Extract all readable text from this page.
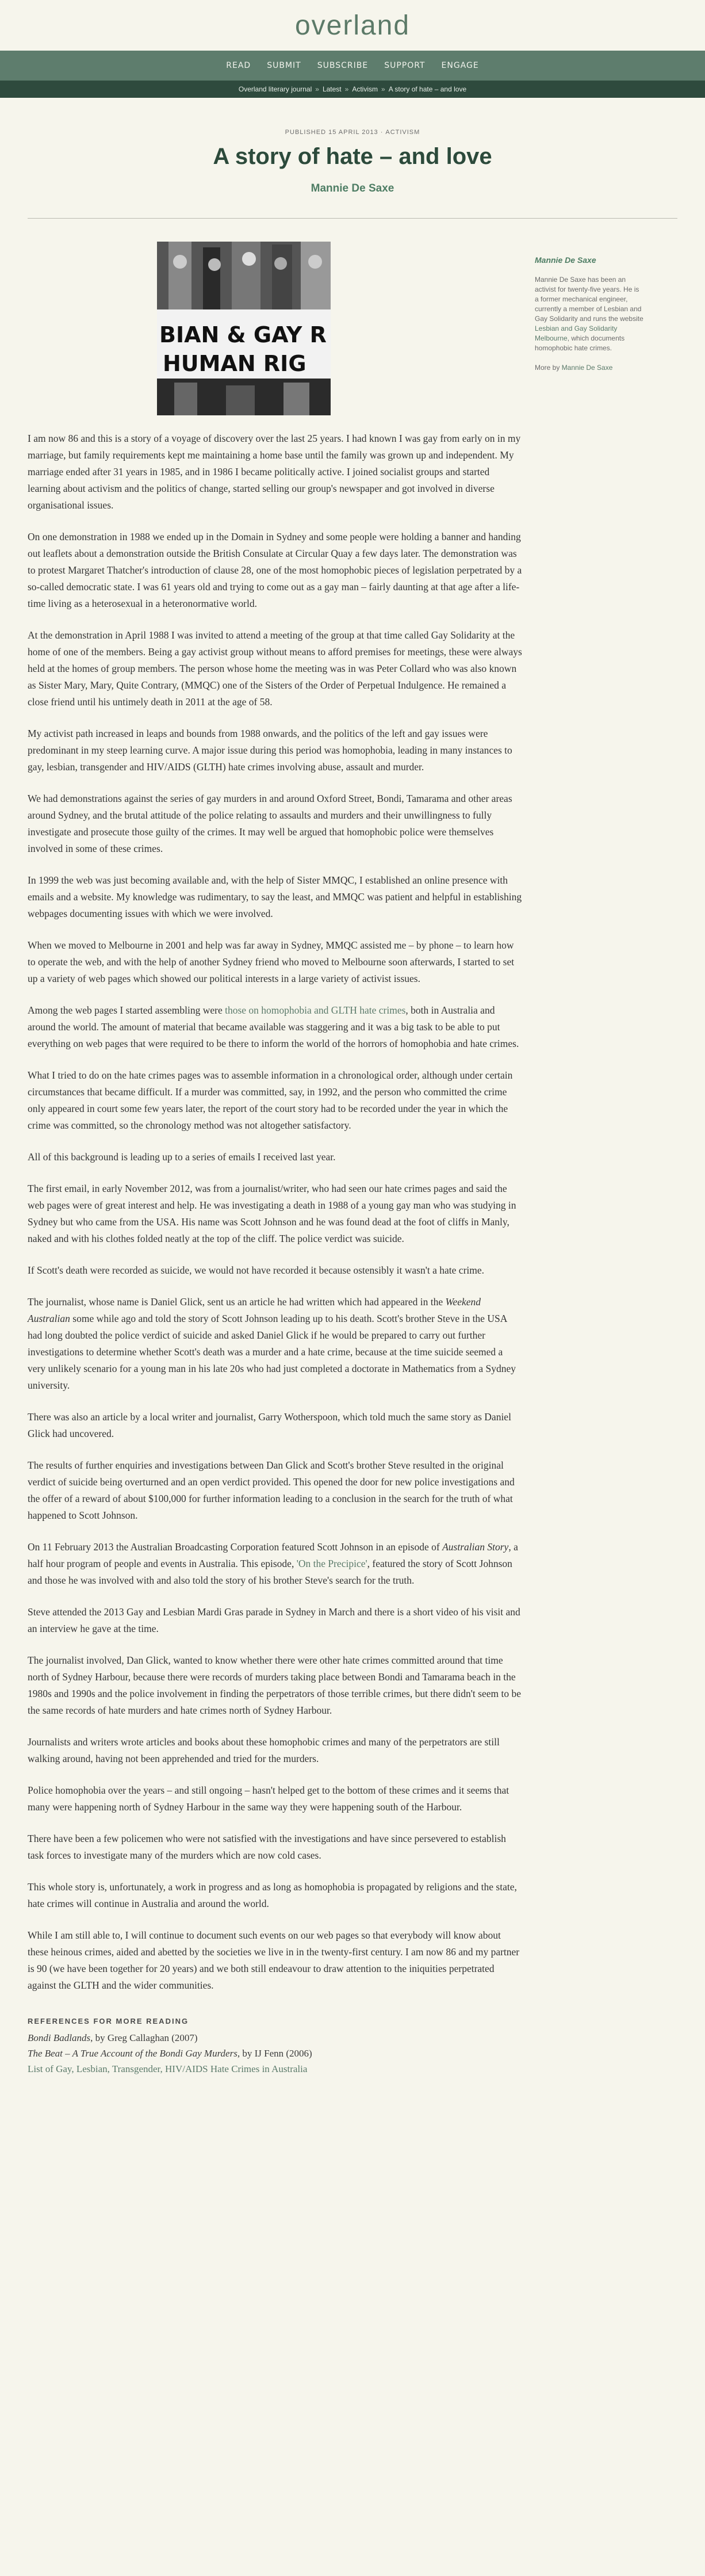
overland
READ SUBMIT SUBSCRIBE SUPPORT ENGAGE
Overland literary journal » Latest » Activism » A story of hate – and love
PUBLISHED 15 APRIL 2013 · ACTIVISM
A story of hate – and love
Mannie De Saxe
BIAN & GAY R
HUMAN RIG

I am now 86 and this is a story of a voyage of discovery over the last 25 years. I had known I was gay from early on in my marriage, but family requirements kept me maintaining a home base until the family was grown up and independent. My marriage ended after 31 years in 1985, and in 1986 I became politically active. I joined socialist groups and started learning about activism and the politics of change, started selling our group's newspaper and got involved in diverse organisational issues.

On one demonstration in 1988 we ended up in the Domain in Sydney and some people were holding a banner and handing out leaflets about a demonstration outside the British Consulate at Circular Quay a few days later. The demonstration was to protest Margaret Thatcher's introduction of clause 28, one of the most homophobic pieces of legislation perpetrated by a so-called democratic state. I was 61 years old and trying to come out as a gay man – fairly daunting at that age after a life-time living as a heterosexual in a heteronormative world.

At the demonstration in April 1988 I was invited to attend a meeting of the group at that time called Gay Solidarity at the home of one of the members. Being a gay activist group without means to afford premises for meetings, these were always held at the homes of group members. The person whose home the meeting was in was Peter Collard who was also known as Sister Mary, Mary, Quite Contrary, (MMQC) one of the Sisters of the Order of Perpetual Indulgence. He remained a close friend until his untimely death in 2011 at the age of 58.

My activist path increased in leaps and bounds from 1988 onwards, and the politics of the left and gay issues were predominant in my steep learning curve. A major issue during this period was homophobia, leading in many instances to gay, lesbian, transgender and HIV/AIDS (GLTH) hate crimes involving abuse, assault and murder.

We had demonstrations against the series of gay murders in and around Oxford Street, Bondi, Tamarama and other areas around Sydney, and the brutal attitude of the police relating to assaults and murders and their unwillingness to fully investigate and prosecute those guilty of the crimes. It may well be argued that homophobic police were themselves involved in some of these crimes.

In 1999 the web was just becoming available and, with the help of Sister MMQC, I established an online presence with emails and a website. My knowledge was rudimentary, to say the least, and MMQC was patient and helpful in establishing webpages documenting issues with which we were involved.

When we moved to Melbourne in 2001 and help was far away in Sydney, MMQC assisted me – by phone – to learn how to operate the web, and with the help of another Sydney friend who moved to Melbourne soon afterwards, I started to set up a variety of web pages which showed our political interests in a large variety of activist issues.

Among the web pages I started assembling were those on homophobia and GLTH hate crimes, both in Australia and around the world. The amount of material that became available was staggering and it was a big task to be able to put everything on web pages that were required to be there to inform the world of the horrors of homophobia and hate crimes.

What I tried to do on the hate crimes pages was to assemble information in a chronological order, although under certain circumstances that became difficult. If a murder was committed, say, in 1992, and the person who committed the crime only appeared in court some few years later, the report of the court story had to be recorded under the year in which the crime was committed, so the chronology method was not altogether satisfactory.

All of this background is leading up to a series of emails I received last year.

The first email, in early November 2012, was from a journalist/writer, who had seen our hate crimes pages and said the web pages were of great interest and help. He was investigating a death in 1988 of a young gay man who was studying in Sydney but who came from the USA. His name was Scott Johnson and he was found dead at the foot of cliffs in Manly, naked and with his clothes folded neatly at the top of the cliff. The police verdict was suicide.

If Scott's death were recorded as suicide, we would not have recorded it because ostensibly it wasn't a hate crime.

The journalist, whose name is Daniel Glick, sent us an article he had written which had appeared in the Weekend Australian some while ago and told the story of Scott Johnson leading up to his death. Scott's brother Steve in the USA had long doubted the police verdict of suicide and asked Daniel Glick if he would be prepared to carry out further investigations to determine whether Scott's death was a murder and a hate crime, because at the time suicide seemed a very unlikely scenario for a young man in his late 20s who had just completed a doctorate in Mathematics from a Sydney university.

There was also an article by a local writer and journalist, Garry Wotherspoon, which told much the same story as Daniel Glick had uncovered.

The results of further enquiries and investigations between Dan Glick and Scott's brother Steve resulted in the original verdict of suicide being overturned and an open verdict provided. This opened the door for new police investigations and the offer of a reward of about $100,000 for further information leading to a conclusion in the search for the truth of what happened to Scott Johnson.

On 11 February 2013 the Australian Broadcasting Corporation featured Scott Johnson in an episode of Australian Story, a half hour program of people and events in Australia. This episode, 'On the Precipice', featured the story of Scott Johnson and those he was involved with and also told the story of his brother Steve's search for the truth.

Steve attended the 2013 Gay and Lesbian Mardi Gras parade in Sydney in March and there is a short video of his visit and an interview he gave at the time.

The journalist involved, Dan Glick, wanted to know whether there were other hate crimes committed around that time north of Sydney Harbour, because there were records of murders taking place between Bondi and Tamarama beach in the 1980s and 1990s and the police involvement in finding the perpetrators of those terrible crimes, but there didn't seem to be the same records of hate murders and hate crimes north of Sydney Harbour.

Journalists and writers wrote articles and books about these homophobic crimes and many of the perpetrators are still walking around, having not been apprehended and tried for the murders.

Police homophobia over the years – and still ongoing – hasn't helped get to the bottom of these crimes and it seems that many were happening north of Sydney Harbour in the same way they were happening south of the Harbour.

There have been a few policemen who were not satisfied with the investigations and have since persevered to establish task forces to investigate many of the murders which are now cold cases.

This whole story is, unfortunately, a work in progress and as long as homophobia is propagated by religions and the state, hate crimes will continue in Australia and around the world.

While I am still able to, I will continue to document such events on our web pages so that everybody will know about these heinous crimes, aided and abetted by the societies we live in in the twenty-first century. I am now 86 and my partner is 90 (we have been together for 20 years) and we both still endeavour to draw attention to the iniquities perpetrated against the GLTH and the wider communities.

Mannie De Saxe
Mannie De Saxe has been an activist for twenty-five years. He is a former mechanical engineer, currently a member of Lesbian and Gay Solidarity and runs the website Lesbian and Gay Solidarity Melbourne, which documents homophobic hate crimes.
More by Mannie De Saxe
REFERENCES FOR MORE READING

Bondi Badlands, by Greg Callaghan (2007)

The Beat – A True Account of the Bondi Gay Murders, by IJ Fenn (2006)

List of Gay, Lesbian, Transgender, HIV/AIDS Hate Crimes in Australia
